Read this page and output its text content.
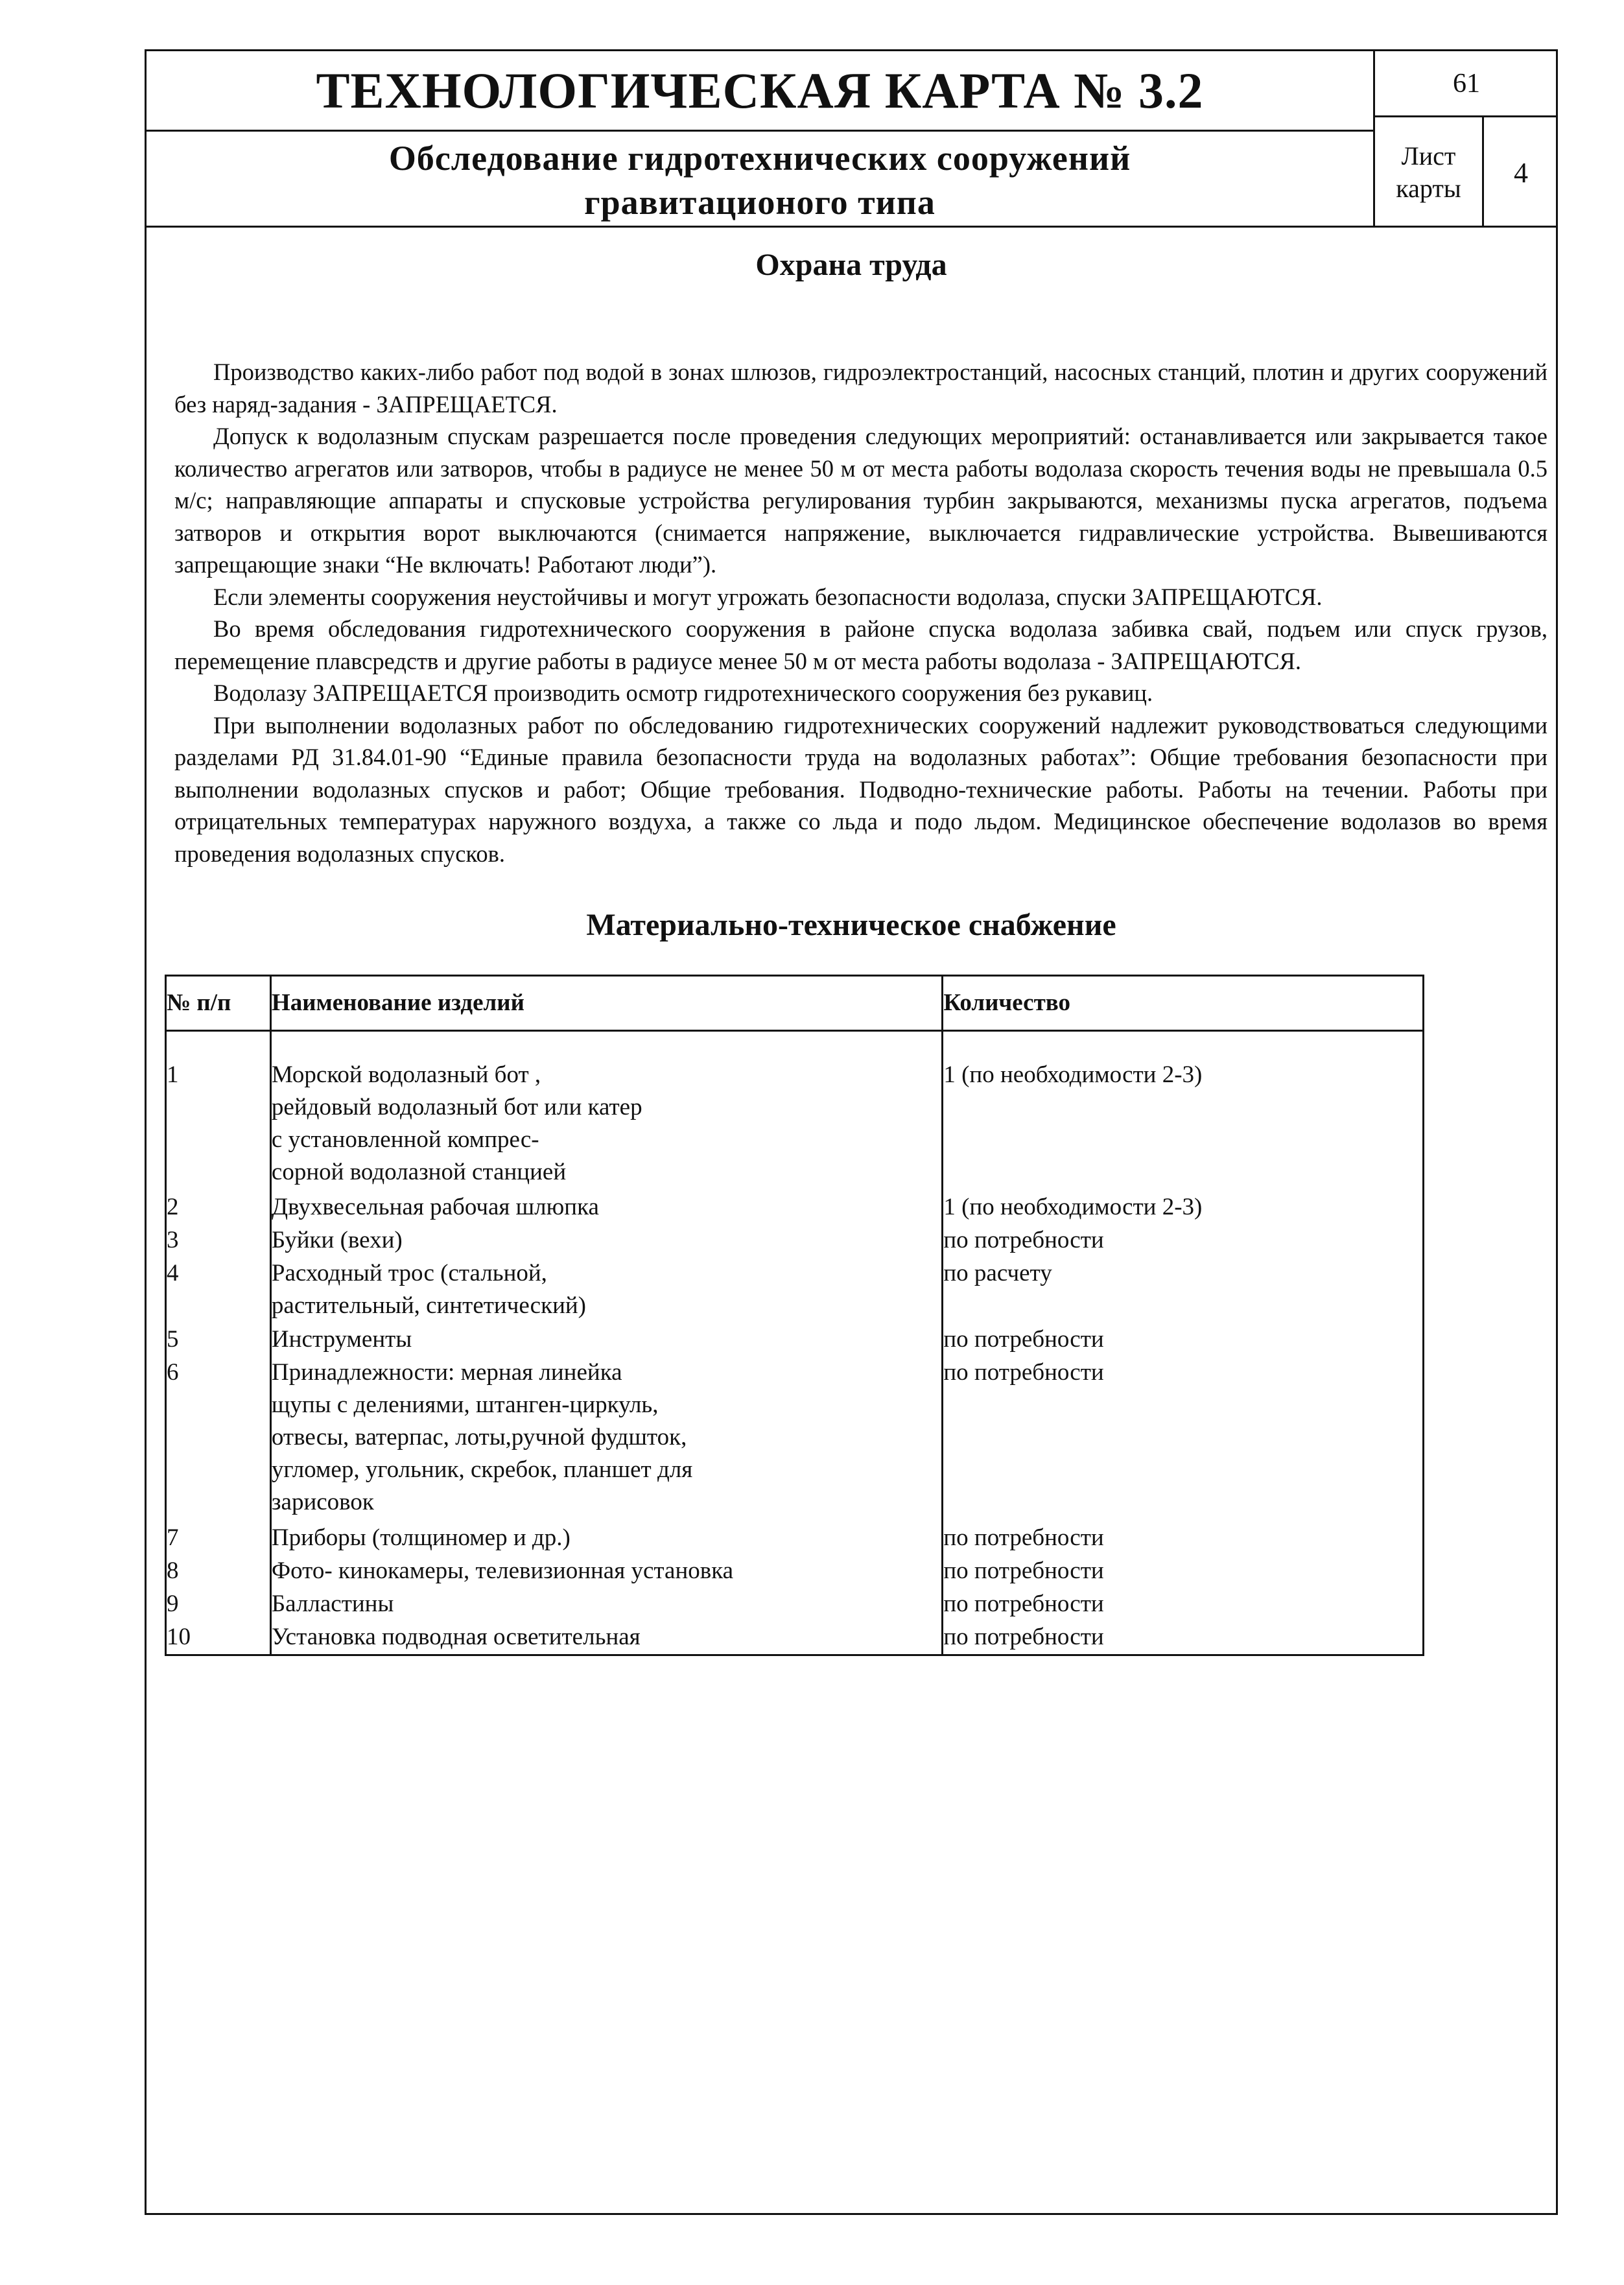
ТЕХНОЛОГИЧЕСКАЯ КАРТА № 3.2
Обследование гидротехнических сооружений
гравитационого типа
61
Лист
карты	4
Охрана труда

Производство каких-либо работ под водой в зонах шлюзов, гидроэлектростанций, насосных станций, плотин и других сооружений без наряд-задания - ЗАПРЕЩАЕТСЯ.

Допуск к водолазным спускам разрешается после проведения следующих мероприятий: останавливается или закрывается такое количество агрегатов или затворов, чтобы в радиусе не менее 50 м от места работы водолаза скорость течения воды не превышала 0.5 м/с; направляющие аппараты и спусковые устройства регулирования турбин закрываются, механизмы пуска агрегатов, подъема затворов и открытия ворот выключаются (снимается напряжение, выключается гидравлические устройства. Вывешиваются запрещающие знаки “Не включать! Работают люди”).

Если элементы сооружения неустойчивы и могут угрожать безопасности водолаза, спуски ЗАПРЕЩАЮТСЯ.

Во время обследования гидротехнического сооружения в районе спуска водолаза забивка свай, подъем или спуск грузов, перемещение плавсредств и другие работы в радиусе менее 50 м от места работы водолаза - ЗАПРЕЩАЮТСЯ.

Водолазу ЗАПРЕЩАЕТСЯ производить осмотр гидротехнического сооружения без рукавиц.

При выполнении водолазных работ по обследованию гидротехнических сооружений надлежит руководствоваться следующими разделами РД 31.84.01-90 “Единые правила безопасности труда на водолазных работах”: Общие требования безопасности при выполнении водолазных спусков и работ; Общие требования. Подводно-технические работы. Работы на течении. Работы при отрицательных температурах наружного воздуха, а также со льда и подо льдом. Медицинское обеспечение водолазов во время проведения водолазных спусков.

Материально-техническое снабжение
№ п/п	Наименование изделий	Количество

1	Морской водолазный бот ,
рейдовый водолазный бот или катер
с установленной компрес-
сорной водолазной станцией	1 (по необходимости 2-3)
2	Двухвесельная рабочая шлюпка	1 (по необходимости 2-3)
3	Буйки (вехи)	по потребности
4	Расходный трос (стальной,
растительный, синтетический)	по расчету
5	Инструменты	по потребности
6	Принадлежности: мерная линейка
щупы с делениями, штанген-циркуль,
отвесы, ватерпас, лоты,ручной фудшток,
угломер, угольник, скребок, планшет для
зарисовок	по потребности
7	Приборы (толщиномер и др.)	по потребности
8	Фото- кинокамеры, телевизионная установка	по потребности
9	Балластины	по потребности
10	Установка подводная осветительная	по потребности
